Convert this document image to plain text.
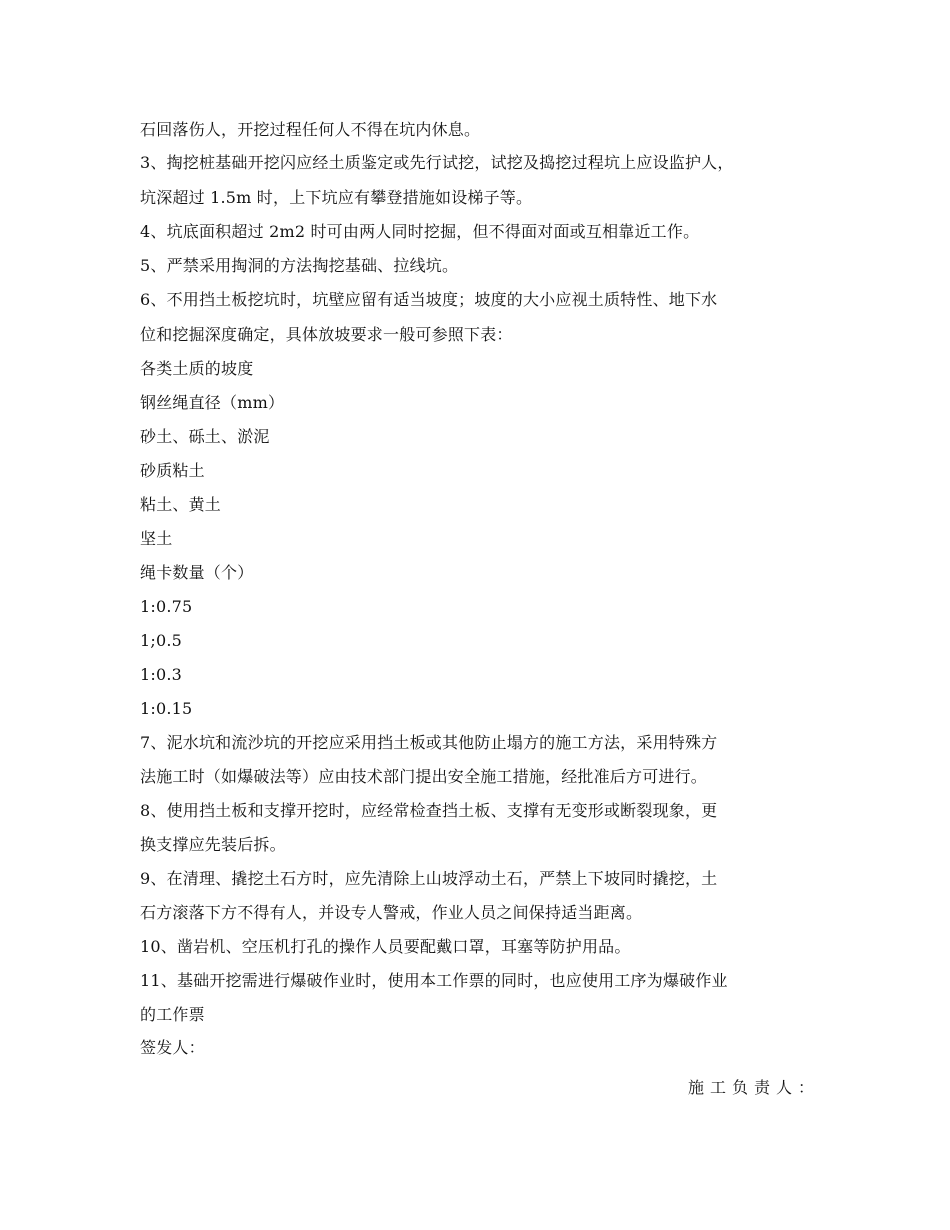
石回落伤人，开挖过程任何人不得在坑内休息。
3、掏挖桩基础开挖闪应经土质鉴定或先行试挖，试挖及捣挖过程坑上应设监护人，
坑深超过 1.5m 时，上下坑应有攀登措施如设梯子等。
4、坑底面积超过 2m2 时可由两人同时挖掘，但不得面对面或互相靠近工作。
5、严禁采用掏洞的方法掏挖基础、拉线坑。
6、不用挡土板挖坑时，坑壁应留有适当坡度；坡度的大小应视土质特性、地下水
位和挖掘深度确定，具体放坡要求一般可参照下表：
各类土质的坡度
钢丝绳直径（mm）
砂土、砾土、淤泥
砂质粘土
粘土、黄土
坚土
绳卡数量（个）
1:0.75
1;0.5
1:0.3
1:0.15
7、泥水坑和流沙坑的开挖应采用挡土板或其他防止塌方的施工方法，采用特殊方
法施工时（如爆破法等）应由技术部门提出安全施工措施，经批准后方可进行。
8、使用挡土板和支撑开挖时，应经常检查挡土板、支撑有无变形或断裂现象，更
换支撑应先装后拆。
9、在清理、撬挖土石方时，应先清除上山坡浮动土石，严禁上下坡同时撬挖，土
石方滚落下方不得有人，并设专人警戒，作业人员之间保持适当距离。
10、凿岩机、空压机打孔的操作人员要配戴口罩，耳塞等防护用品。
11、基础开挖需进行爆破作业时，使用本工作票的同时，也应使用工序为爆破作业
的工作票
签发人：
施工负责人：
